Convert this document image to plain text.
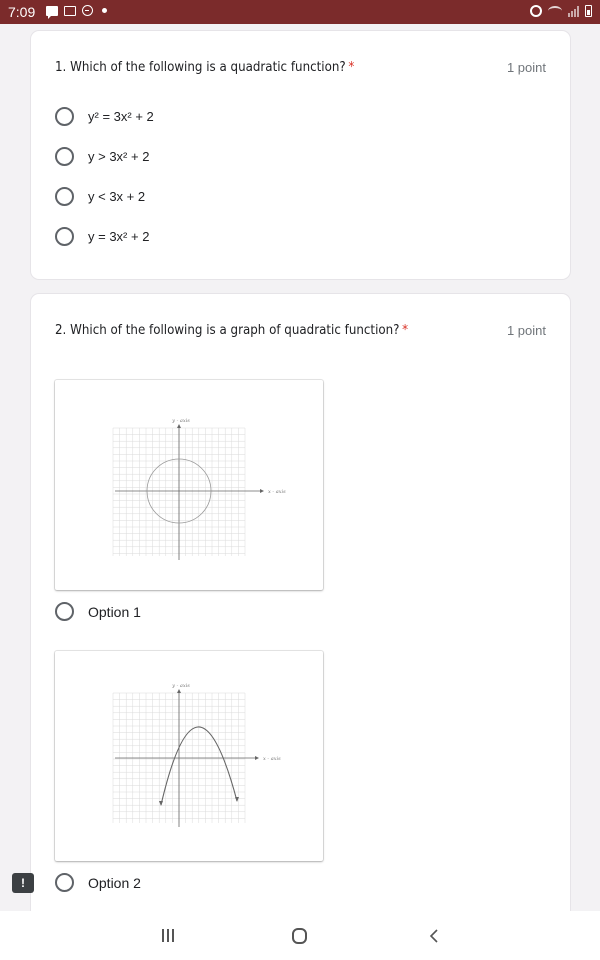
7:09
1. Which of the following is a quadratic function? *	1 point
y² = 3x² + 2
y > 3x² + 2
y < 3x + 2
y = 3x² + 2
2. Which of the following is a graph of quadratic function? *	1 point
y - axis
x - axis
Option 1
y - axis
x - axis
Option 2
!
